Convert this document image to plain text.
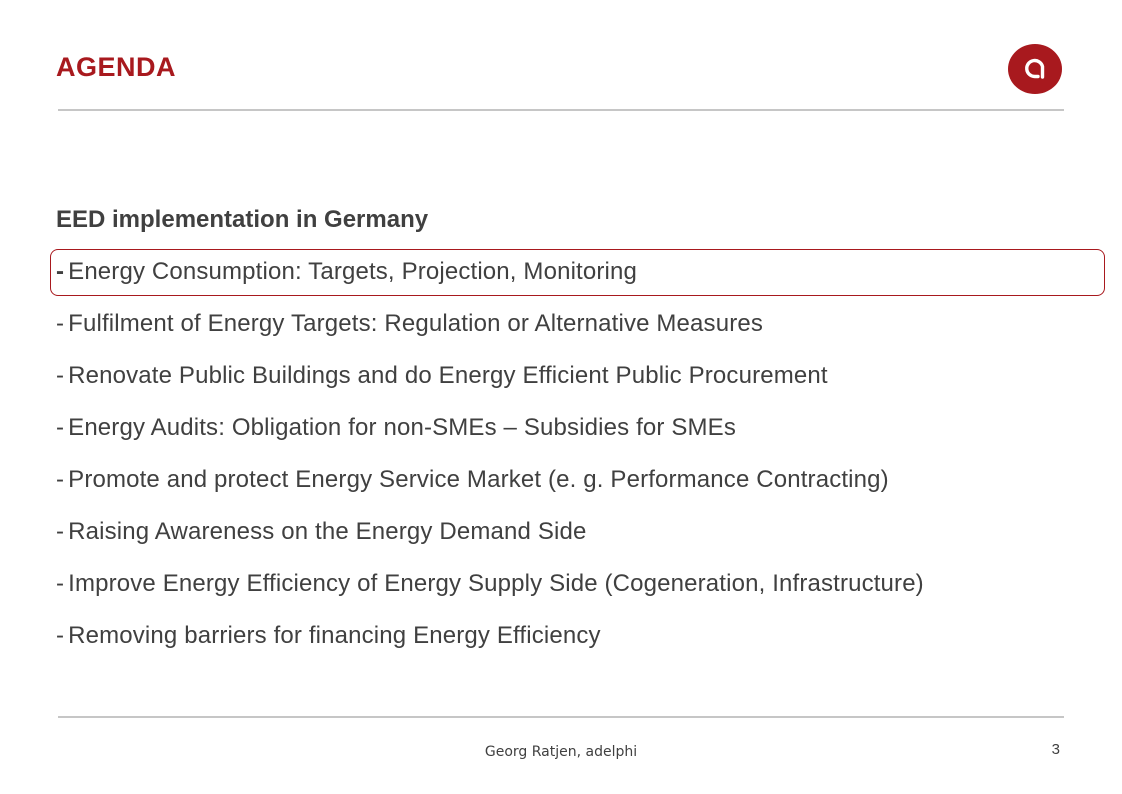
AGENDA
EED implementation in Germany
- Energy Consumption: Targets, Projection, Monitoring
- Fulfilment of Energy Targets: Regulation or Alternative Measures
- Renovate Public Buildings and do Energy Efficient Public Procurement
- Energy Audits: Obligation for non-SMEs – Subsidies for SMEs
- Promote and protect Energy Service Market (e. g. Performance Contracting)
- Raising Awareness on the Energy Demand Side
- Improve Energy Efficiency of Energy Supply Side (Cogeneration, Infrastructure)
- Removing barriers for financing Energy Efficiency
Georg Ratjen, adelphi	3
